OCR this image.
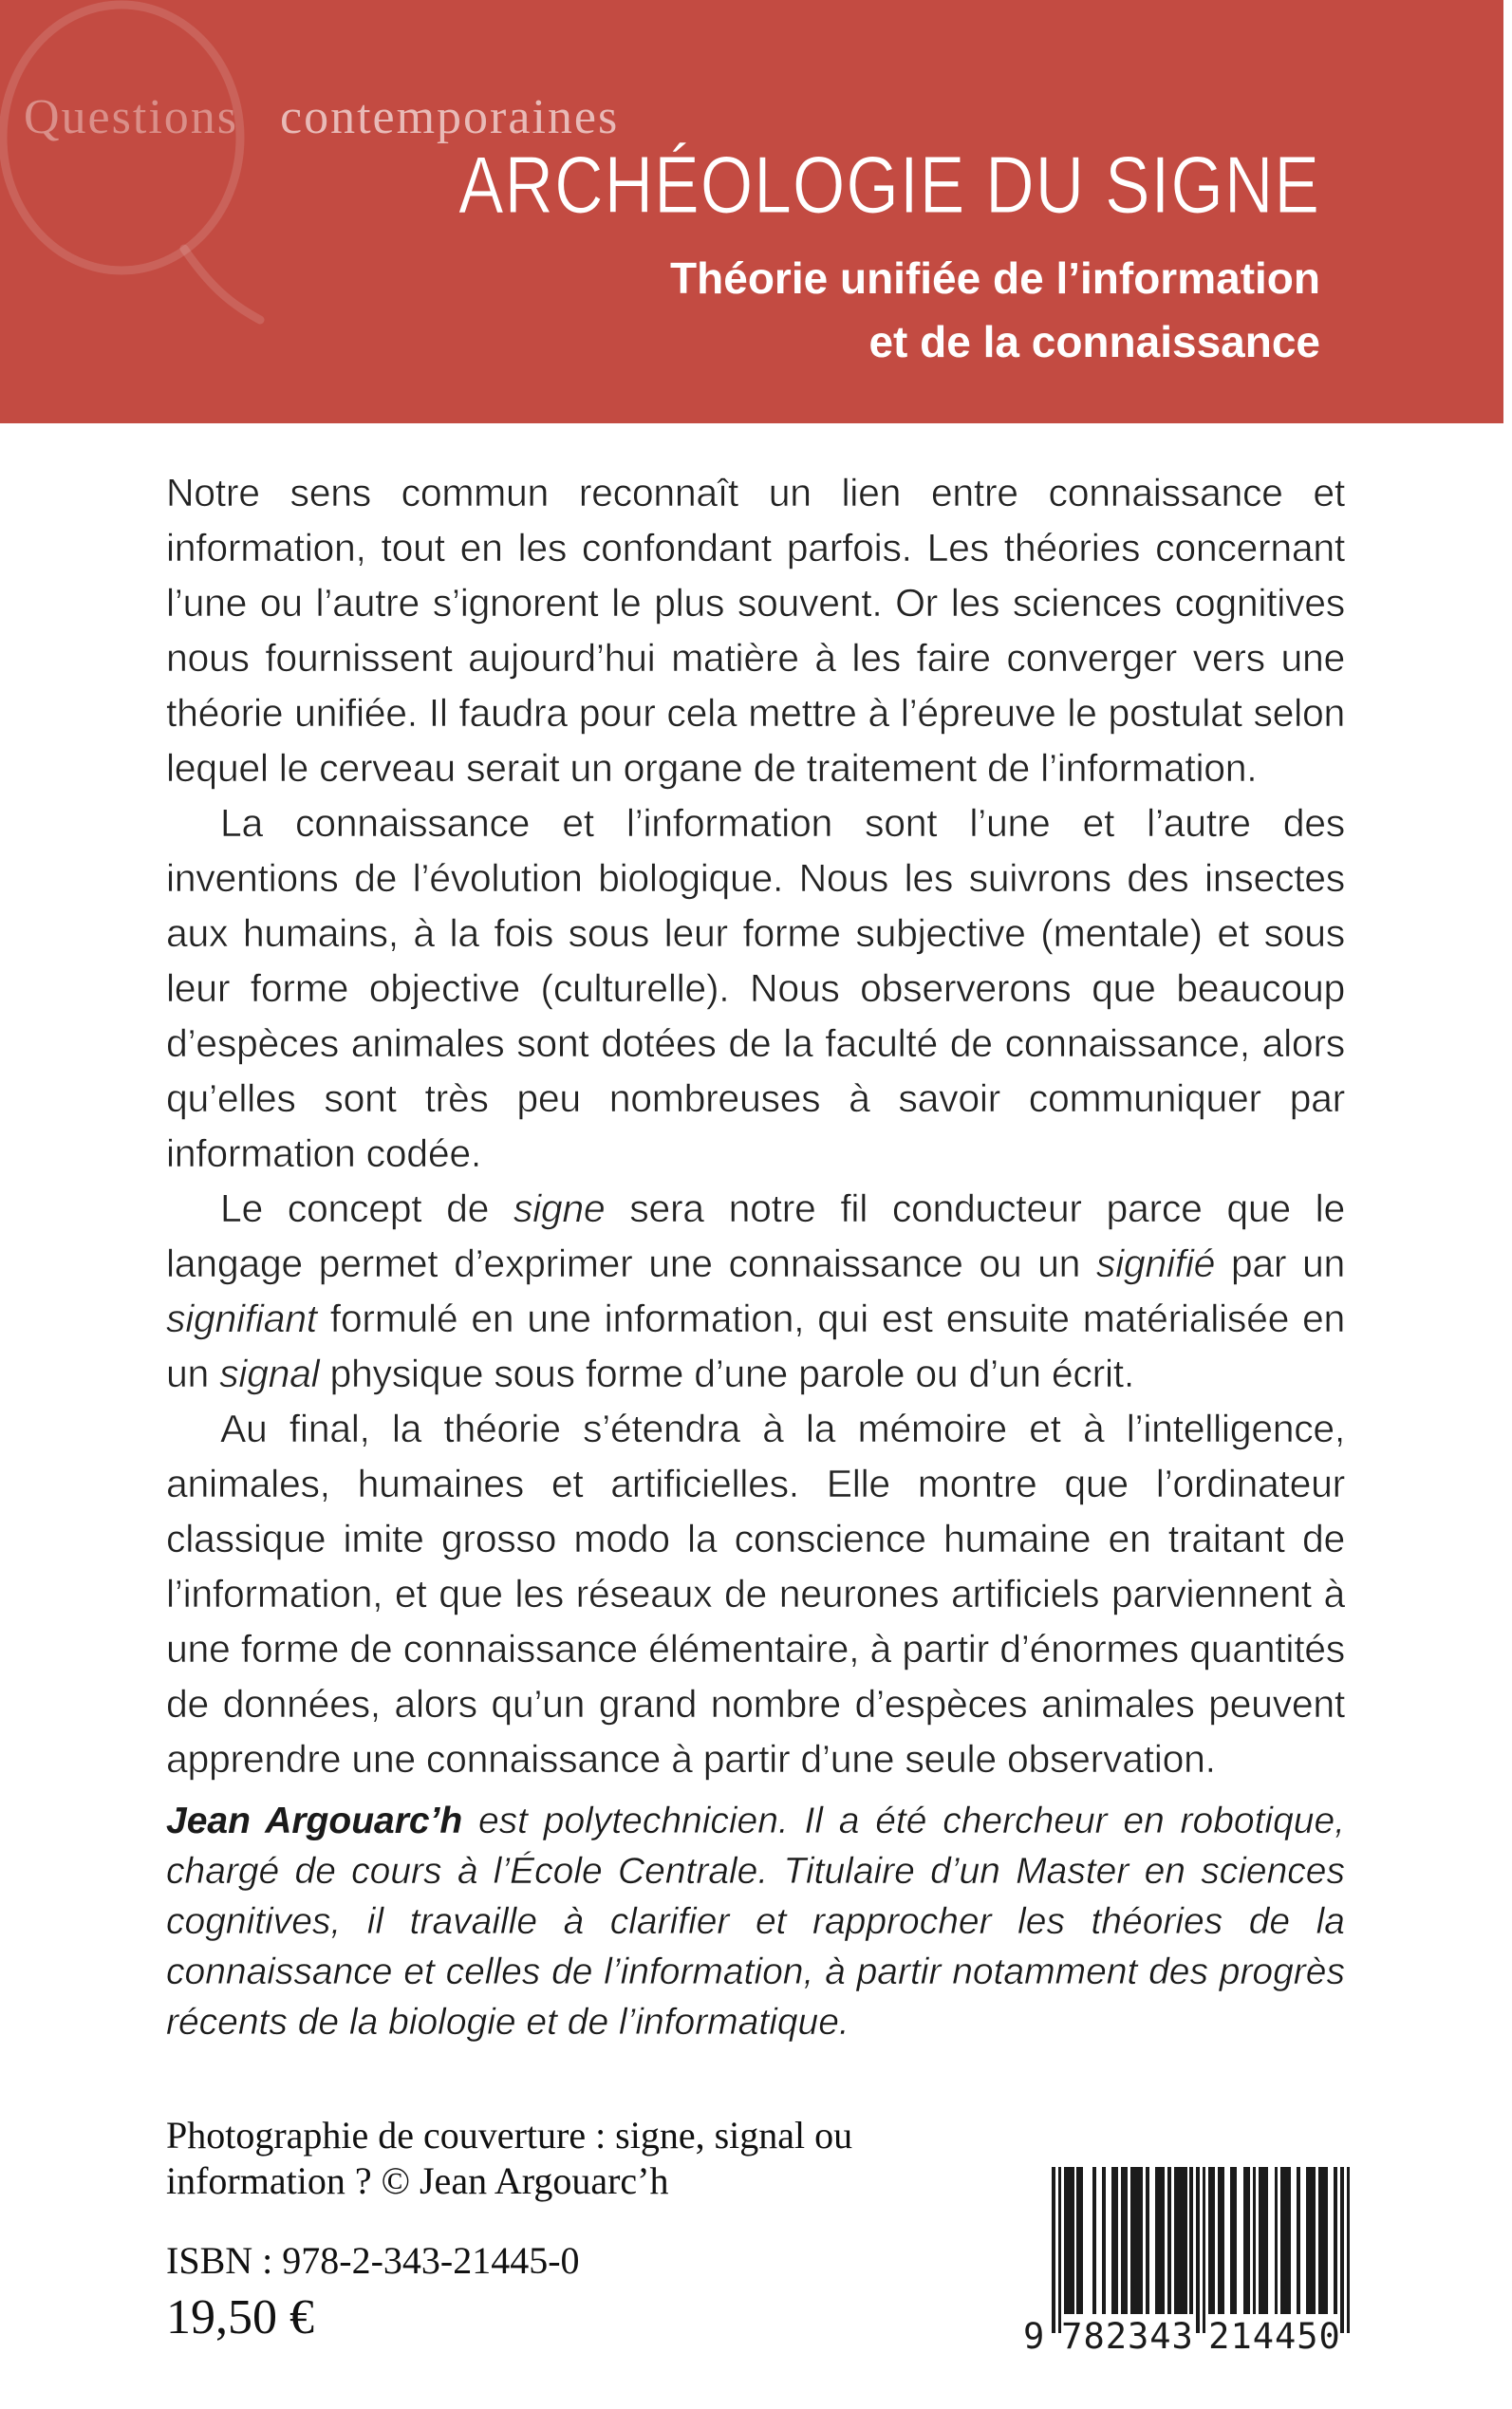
Questions contemporaines
ARCHÉOLOGIE DU SIGNE
Théorie unifiée de l’information
et de la connaissance

Notre sens commun reconnaît un lien entre connaissance et information, tout en les confondant parfois. Les théories concernant l’une ou l’autre s’ignorent le plus souvent. Or les sciences cognitives nous fournissent aujourd’hui matière à les faire converger vers une théorie unifiée. Il faudra pour cela mettre à l’épreuve le postulat selon lequel le cerveau serait un organe de traitement de l’information.

La connaissance et l’information sont l’une et l’autre des inventions de l’évolution biologique. Nous les suivrons des insectes aux humains, à la fois sous leur forme subjective (mentale) et sous leur forme objective (culturelle). Nous observerons que beaucoup d’espèces animales sont dotées de la faculté de connaissance, alors qu’elles sont très peu nombreuses à savoir communiquer par information codée.

Le concept de signe sera notre fil conducteur parce que le langage permet d’exprimer une connaissance ou un signifié par un signifiant formulé en une information, qui est ensuite matérialisée en un signal physique sous forme d’une parole ou d’un écrit.

Au final, la théorie s’étendra à la mémoire et à l’intelligence, animales, humaines et artificielles. Elle montre que l’ordinateur classique imite grosso modo la conscience humaine en traitant de l’information, et que les réseaux de neurones artificiels parviennent à une forme de connaissance élémentaire, à partir d’énormes quantités de données, alors qu’un grand nombre d’espèces animales peuvent apprendre une connaissance à partir d’une seule observation.

Jean Argouarc’h est polytechnicien. Il a été chercheur en robotique, chargé de cours à l’École Centrale. Titulaire d’un Master en sciences cognitives, il travaille à clarifier et rapprocher les théories de la connaissance et celles de l’information, à partir notamment des progrès récents de la biologie et de l’informatique.

Photographie de couverture : signe, signal ou
information ? © Jean Argouarc’h
ISBN : 978-2-343-21445-0
19,50 €	9 782343 214450
